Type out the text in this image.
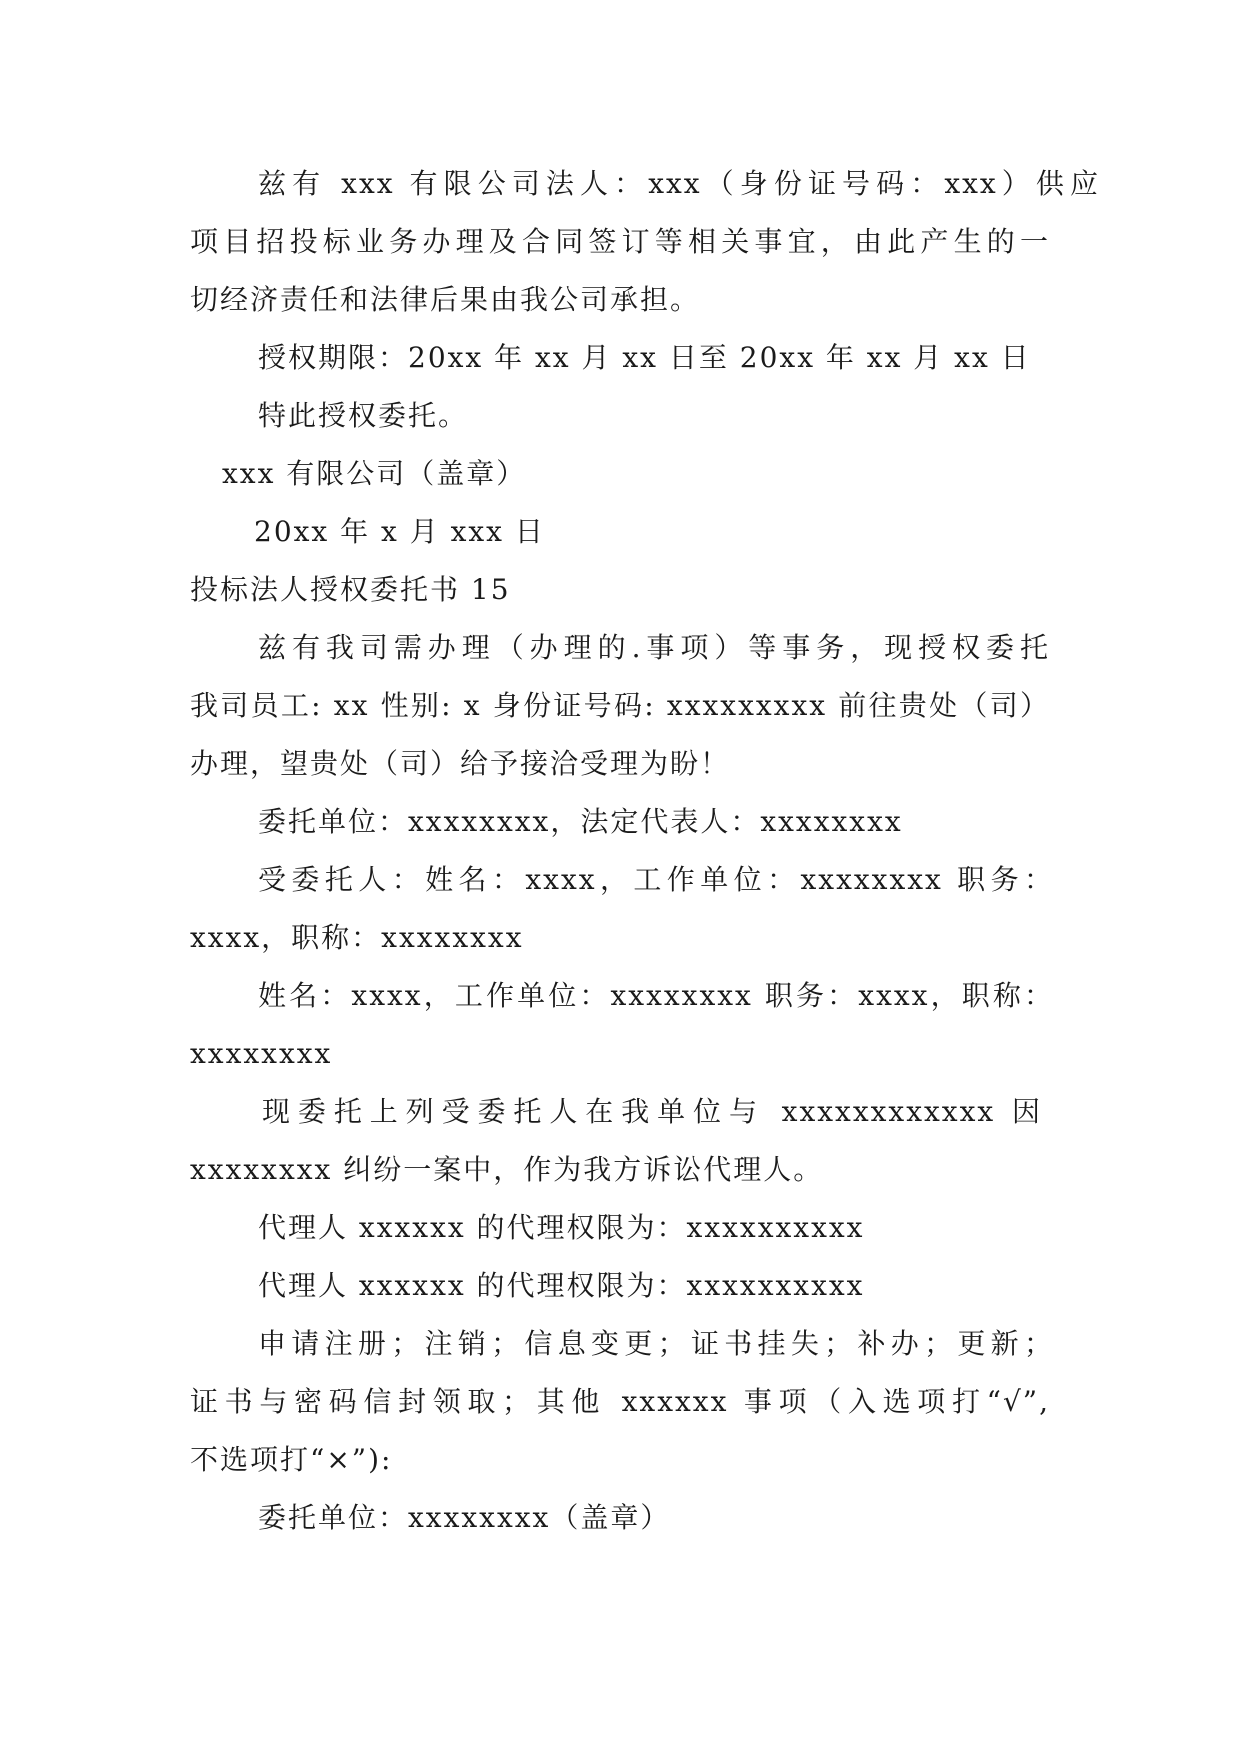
兹有 xxx 有限公司法人：xxx（身份证号码：xxx）供应
项目招投标业务办理及合同签订等相关事宜，由此产生的一
切经济责任和法律后果由我公司承担。
授权期限：20xx 年 xx 月 xx 日至 20xx 年 xx 月 xx 日
特此授权委托。
xxx 有限公司（盖章）
20xx 年 x 月 xxx 日
投标法人授权委托书 15
兹有我司需办理（办理的.事项）等事务，现授权委托
我司员工: xx 性别: x 身份证号码: xxxxxxxxx 前往贵处（司）
办理，望贵处（司）给予接洽受理为盼！
委托单位：xxxxxxxx，法定代表人：xxxxxxxx
受委托人：姓名：xxxx，工作单位：xxxxxxxx 职务：
xxxx，职称：xxxxxxxx
姓名：xxxx，工作单位：xxxxxxxx 职务：xxxx，职称：
xxxxxxxx
现委托上列受委托人在我单位与 xxxxxxxxxxxx 因
xxxxxxxx 纠纷一案中，作为我方诉讼代理人。
代理人 xxxxxx 的代理权限为：xxxxxxxxxx
代理人 xxxxxx 的代理权限为：xxxxxxxxxx
申请注册；注销；信息变更；证书挂失；补办；更新；
证书与密码信封领取；其他 xxxxxx 事项（入选项打“√”,
不选项打“×”):
委托单位：xxxxxxxx（盖章）
